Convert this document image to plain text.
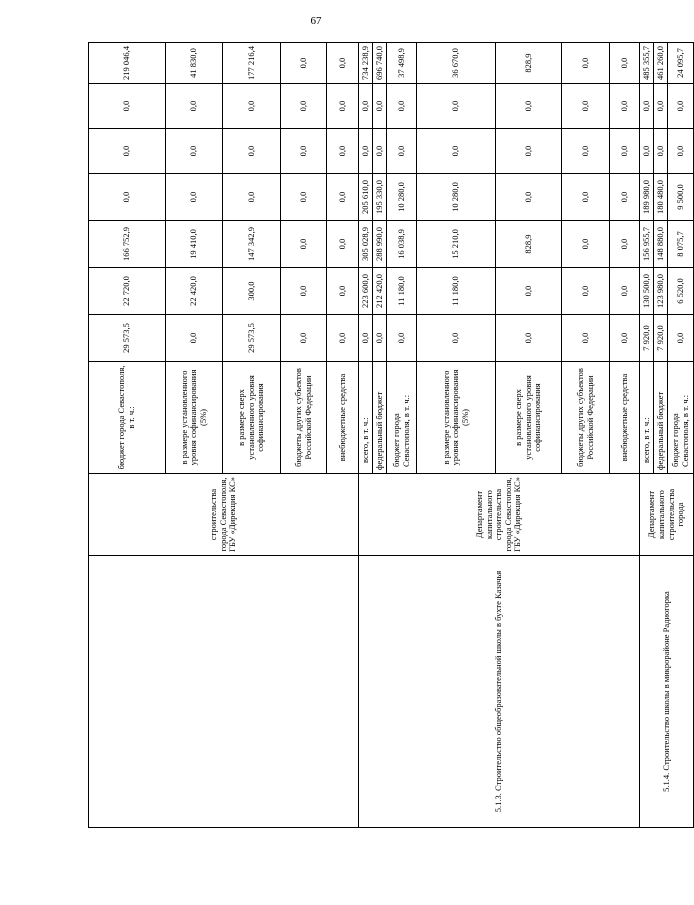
67
	строительства города Севастополя, ГБУ «Дирекция КС»	бюджет города Севастополя, в т. ч.:	29 573,5	22 720,0	166 752,9	0,0	0,0	0,0	219 046,4
		в размере установленного уровня софинансирования (5%)	0,0	22 420,0	19 410,0	0,0	0,0	0,0	41 830,0
		в размере сверх установленного уровня софинансирования	29 573,5	300,0	147 342,9	0,0	0,0	0,0	177 216,4
		бюджеты других субъектов Российской Федерации	0,0	0,0	0,0	0,0	0,0	0,0	0,0
		внебюджетные средства	0,0	0,0	0,0	0,0	0,0	0,0	0,0
5.1.3. Строительство общеобразовательной школы в бухте Казачья	Департамент капитального строительства города Севастополя, ГБУ «Дирекция КС»	всего, в т. ч.:	0,0	223 600,0	305 028,9	205 610,0	0,0	0,0	734 238,9
		федеральный бюджет	0,0	212 420,0	288 990,0	195 330,0	0,0	0,0	696 740,0
		бюджет города Севастополя, в т. ч.:	0,0	11 180,0	16 038,9	10 280,0	0,0	0,0	37 498,9
		в размере установленного уровня софинансирования (5%)	0,0	11 180,0	15 210,0	10 280,0	0,0	0,0	36 670,0
		в размере сверх установленного уровня софинансирования	0,0	0,0	828,9	0,0	0,0	0,0	828,9
		бюджеты других субъектов Российской Федерации	0,0	0,0	0,0	0,0	0,0	0,0	0,0
		внебюджетные средства	0,0	0,0	0,0	0,0	0,0	0,0	0,0
5.1.4. Строительство школы в микрорайоне Радиогорка	Департамент капитального строительства города	всего, в т. ч.:	7 920,0	130 500,0	156 955,7	189 980,0	0,0	0,0	485 355,7
		федеральный бюджет	7 920,0	123 980,0	148 880,0	180 480,0	0,0	0,0	461 260,0
		бюджет города Севастополя, в т. ч.:	0,0	6 520,0	8 075,7	9 500,0	0,0	0,0	24 095,7
